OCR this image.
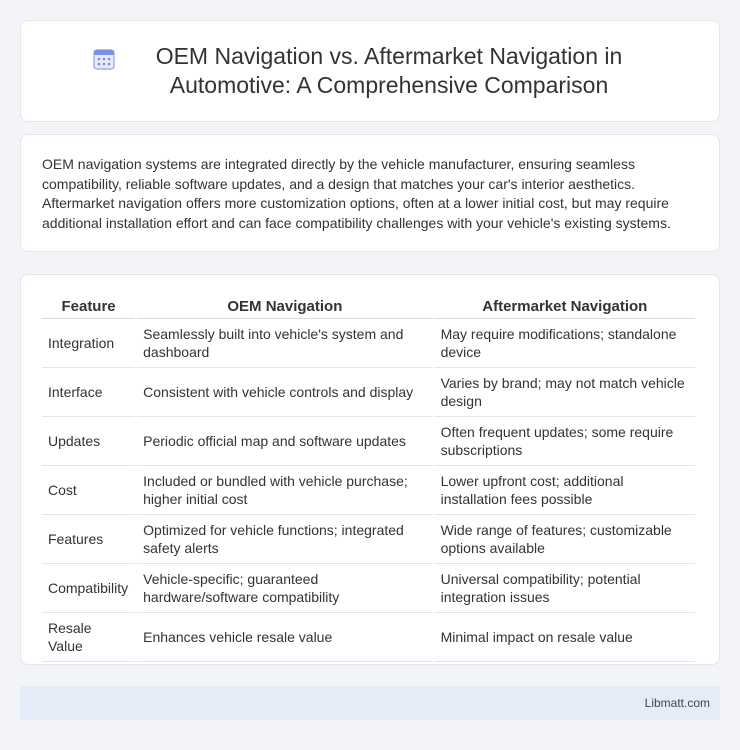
OEM Navigation vs. Aftermarket Navigation in Automotive: A Comprehensive Comparison

OEM navigation systems are integrated directly by the vehicle manufacturer, ensuring seamless compatibility, reliable software updates, and a design that matches your car's interior aesthetics. Aftermarket navigation offers more customization options, often at a lower initial cost, but may require additional installation effort and can face compatibility challenges with your vehicle's existing systems.

Feature	OEM Navigation	Aftermarket Navigation
Integration	Seamlessly built into vehicle's system and dashboard	May require modifications; standalone device
Interface	Consistent with vehicle controls and display	Varies by brand; may not match vehicle design
Updates	Periodic official map and software updates	Often frequent updates; some require subscriptions
Cost	Included or bundled with vehicle purchase; higher initial cost	Lower upfront cost; additional installation fees possible
Features	Optimized for vehicle functions; integrated safety alerts	Wide range of features; customizable options available
Compatibility	Vehicle-specific; guaranteed hardware/software compatibility	Universal compatibility; potential integration issues
Resale Value	Enhances vehicle resale value	Minimal impact on resale value
Libmatt.com
